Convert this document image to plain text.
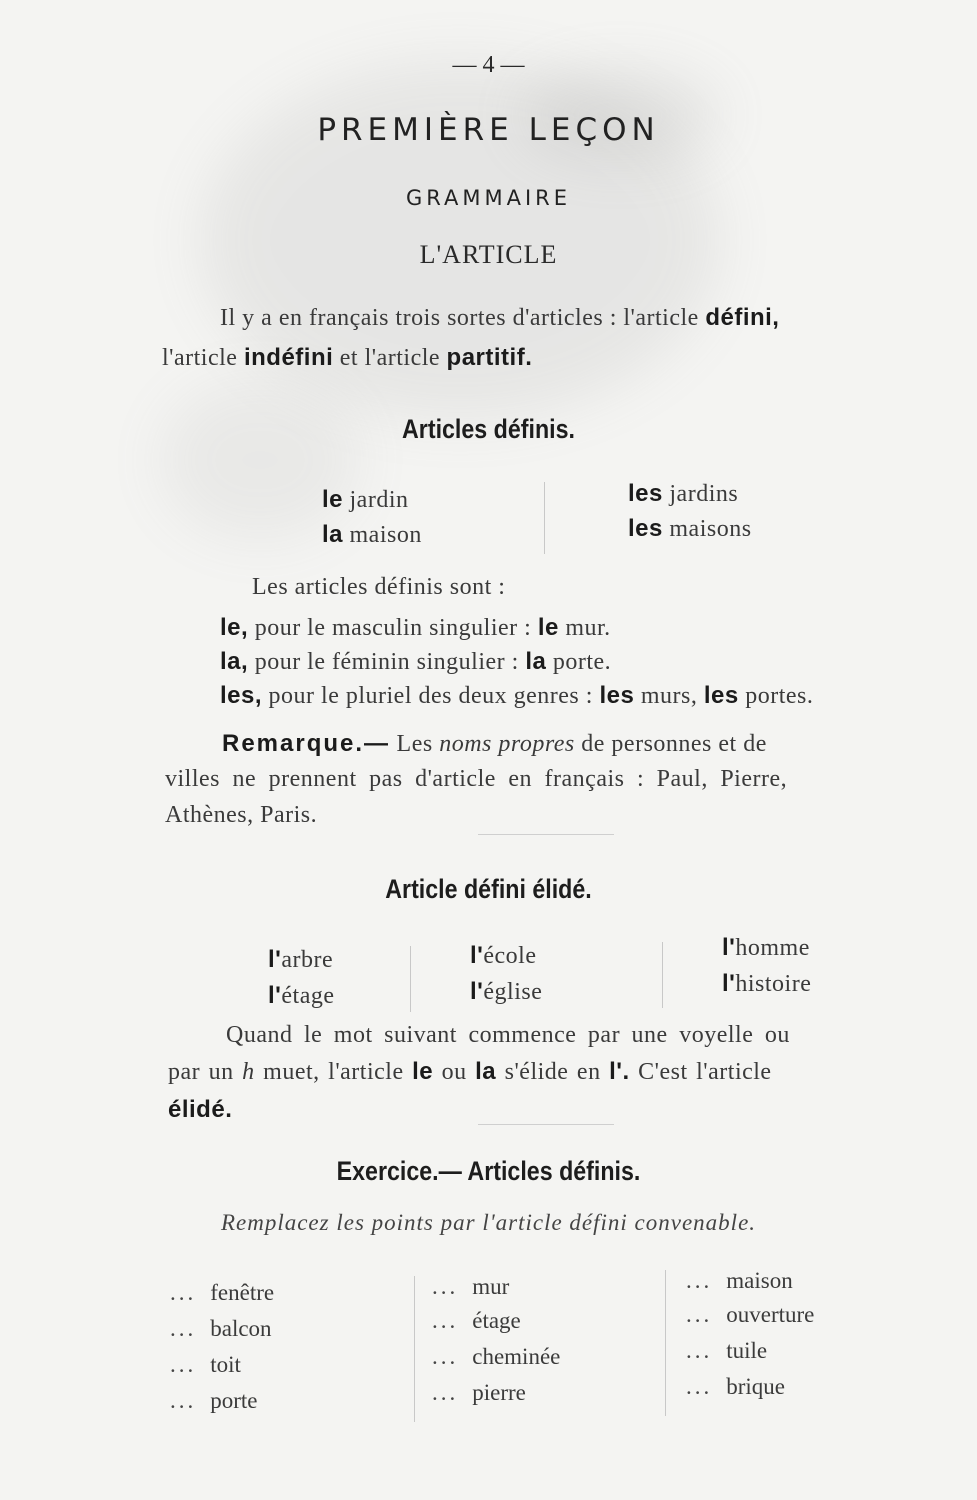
— 4 —
PREMIÈRE LEÇON
GRAMMAIRE
L'ARTICLE
Il y a en français trois sortes d'articles : l'article défini,
l'article indéfini et l'article partitif.
Articles définis.
le jardin
la maison
les jardins
les maisons
Les articles définis sont :
le, pour le masculin singulier : le mur.
la, pour le féminin singulier : la porte.
les, pour le pluriel des deux genres : les murs, les portes.
Remarque.— Les noms propres de personnes et de
villes ne prennent pas d'article en français : Paul, Pierre,
Athènes, Paris.
Article défini élidé.
l'arbre
l'étage
l'école
l'église
l'homme
l'histoire
Quand le mot suivant commence par une voyelle ou
par un h muet, l'article le ou la s'élide en l'. C'est l'article
élidé.
Exercice.— Articles définis.
Remplacez les points par l'article défini convenable.
... fenêtre
... balcon
... toit
... porte
... mur
... étage
... cheminée
... pierre
... maison
... ouverture
... tuile
... brique
